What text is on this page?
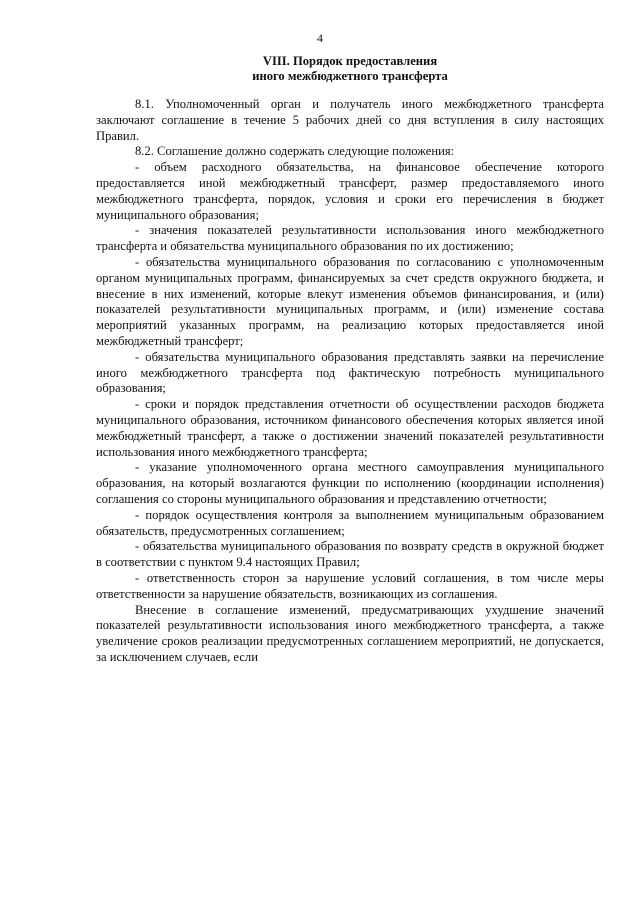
4
VIII. Порядок предоставления
иного межбюджетного трансферта

8.1. Уполномоченный орган и получатель иного межбюджетного трансферта заключают соглашение в течение 5 рабочих дней со дня вступления в силу настоящих Правил.

8.2. Соглашение должно содержать следующие положения:

- объем расходного обязательства, на финансовое обеспечение которого предоставляется иной межбюджетный трансферт, размер предоставляемого иного межбюджетного трансферта, порядок, условия и сроки его перечисления в бюджет муниципального образования;

- значения показателей результативности использования иного межбюджетного трансферта и обязательства муниципального образования по их достижению;

- обязательства муниципального образования по согласованию с уполномоченным органом муниципальных программ, финансируемых за счет средств окружного бюджета, и внесение в них изменений, которые влекут изменения объемов финансирования, и (или) показателей результативности муниципальных программ, и (или) изменение состава мероприятий указанных программ, на реализацию которых предоставляется иной межбюджетный трансферт;

- обязательства муниципального образования представлять заявки на перечисление иного межбюджетного трансферта под фактическую потребность муниципального образования;

- сроки и порядок представления отчетности об осуществлении расходов бюджета муниципального образования, источником финансового обеспечения которых является иной межбюджетный трансферт, а также о достижении значений показателей результативности использования иного межбюджетного трансферта;

- указание уполномоченного органа местного самоуправления муниципального образования, на который возлагаются функции по исполнению (координации исполнения) соглашения со стороны муниципального образования и представлению отчетности;

- порядок осуществления контроля за выполнением муниципальным образованием обязательств, предусмотренных соглашением;

- обязательства муниципального образования по возврату средств в окружной бюджет в соответствии с пунктом 9.4 настоящих Правил;

- ответственность сторон за нарушение условий соглашения, в том числе меры ответственности за нарушение обязательств, возникающих из соглашения.

Внесение в соглашение изменений, предусматривающих ухудшение значений показателей результативности использования иного межбюджетного трансферта, а также увеличение сроков реализации предусмотренных соглашением мероприятий, не допускается, за исключением случаев, если
